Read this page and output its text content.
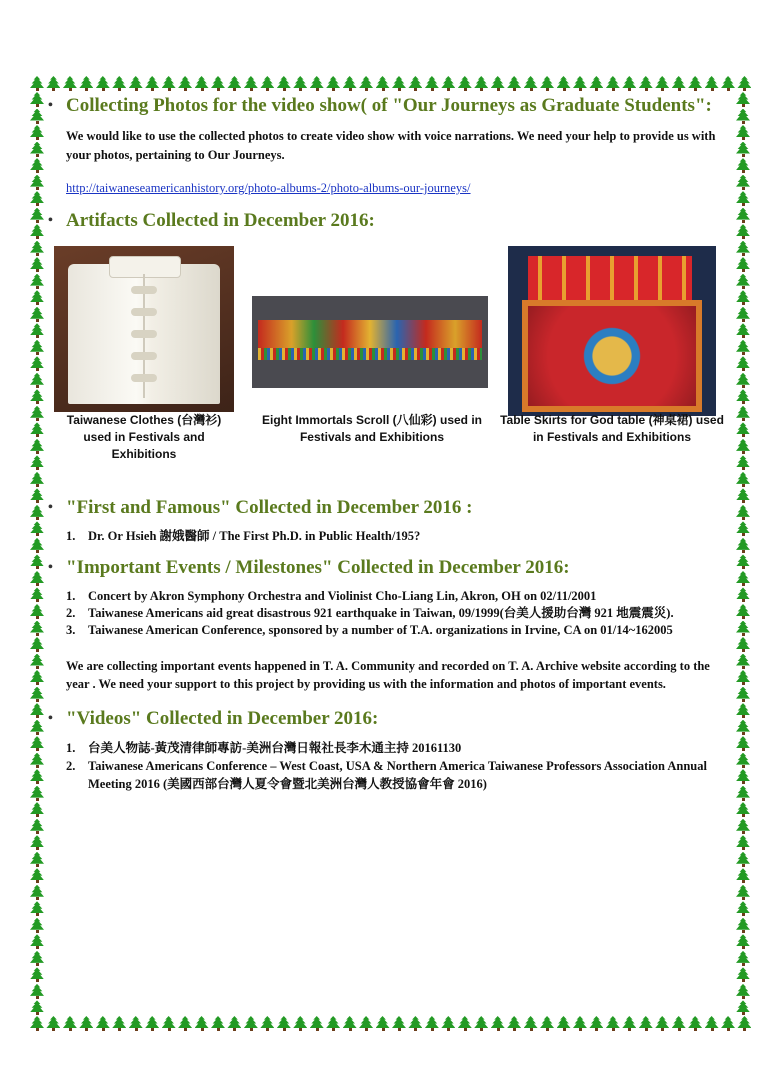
• Collecting Photos for the video show( of "Our Journeys as Graduate Students":

We would like to use the collected photos to create video show with voice narrations. We need your help to provide us with your photos, pertaining to Our Journeys.

http://taiwaneseamericanhistory.org/photo-albums-2/photo-albums-our-journeys/
• Artifacts Collected in December 2016:
Taiwanese Clothes (台灣衫) used in Festivals and Exhibitions
Eight Immortals Scroll (八仙彩) used in Festivals and Exhibitions
Table Skirts for God table (神桌裙) used in Festivals and Exhibitions
• "First and Famous" Collected in December 2016 :
1.	Dr. Or Hsieh 謝娥醫師 / The First Ph.D. in Public Health/195?
• "Important Events / Milestones" Collected in December 2016:
1.	Concert by Akron Symphony Orchestra and Violinist Cho-Liang Lin, Akron, OH on 02/11/2001
2.	Taiwanese Americans aid great disastrous 921 earthquake in Taiwan, 09/1999(台美人援助台灣 921 地震震災).
3.	Taiwanese American Conference, sponsored by a number of T.A. organizations in Irvine, CA on 01/14~162005

We are collecting important events happened in T. A. Community and recorded on T. A. Archive website according to the year . We need your support to this project by providing us with the information and photos of important events.

• "Videos" Collected in December 2016:
1.	台美人物誌-黃茂清律師專訪-美洲台灣日報社長李木通主持 20161130
2.	Taiwanese Americans Conference – West Coast, USA & Northern America Taiwanese Professors Association Annual Meeting 2016 (美國西部台灣人夏令會暨北美洲台灣人教授協會年會 2016)
